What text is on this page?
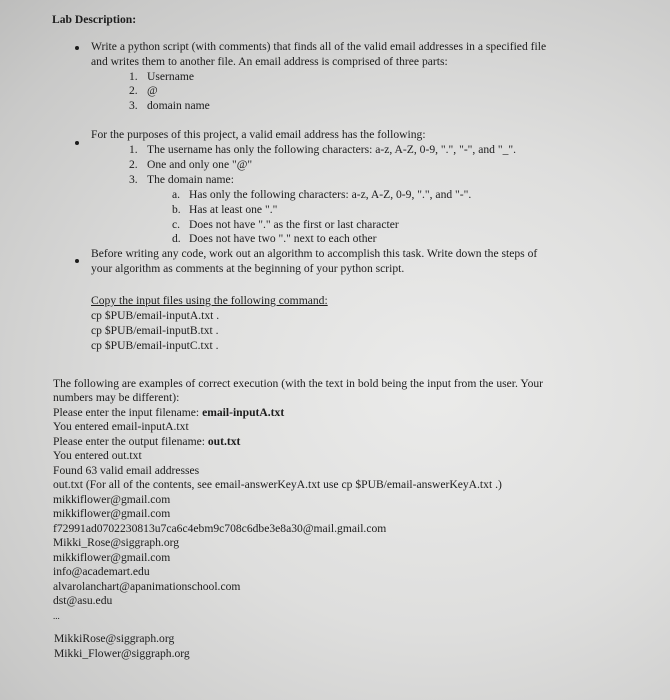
Lab Description:
Write a python script (with comments) that finds all of the valid email addresses in a specified file
and writes them to another file. An email address is comprised of three parts:
1. Username
2. @
3. domain name
For the purposes of this project, a valid email address has the following:
1. The username has only the following characters: a-z, A-Z, 0-9, ".", "-", and "_".
2. One and only one "@"
3. The domain name:
a. Has only the following characters: a-z, A-Z, 0-9, ".", and "-".
b. Has at least one "."
c. Does not have "." as the first or last character
d. Does not have two "." next to each other
Before writing any code, work out an algorithm to accomplish this task. Write down the steps of
your algorithm as comments at the beginning of your python script.
Copy the input files using the following command:
cp $PUB/email-inputA.txt .
cp $PUB/email-inputB.txt .
cp $PUB/email-inputC.txt .
The following are examples of correct execution (with the text in bold being the input from the user. Your
numbers may be different):
Please enter the input filename: email-inputA.txt
You entered email-inputA.txt
Please enter the output filename: out.txt
You entered out.txt
Found 63 valid email addresses
out.txt (For all of the contents, see email-answerKeyA.txt use cp $PUB/email-answerKeyA.txt .)
mikkiflower@gmail.com
mikkiflower@gmail.com
f72991ad0702230813u7ca6c4ebm9c708c6dbe3e8a30@mail.gmail.com
Mikki_Rose@siggraph.org
mikkiflower@gmail.com
info@academart.edu
alvarolanchart@apanimationschool.com
dst@asu.edu
...
MikkiRose@siggraph.org
Mikki_Flower@siggraph.org
